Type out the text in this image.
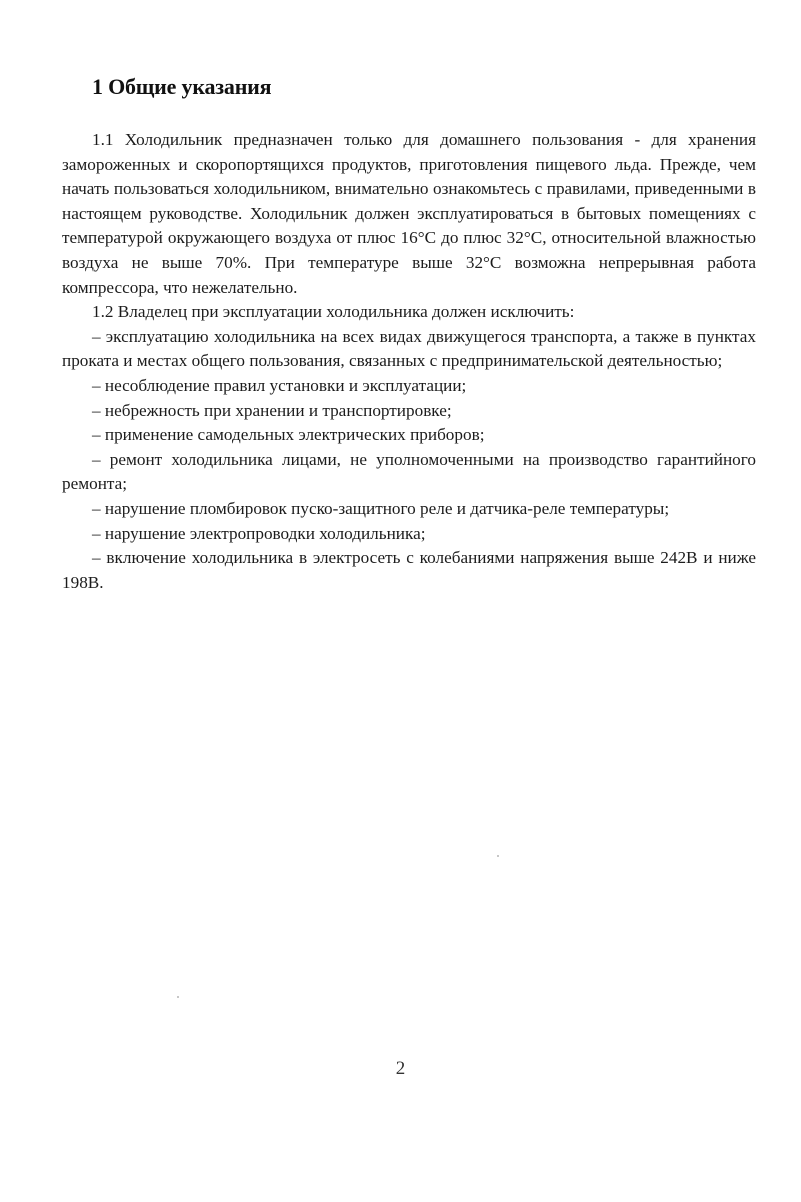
1 Общие указания

1.1 Холодильник предназначен только для домашнего пользования - для хранения замороженных и скоропортящихся продуктов, приготовления пищевого льда. Прежде, чем начать пользоваться холодильником, внимательно ознакомьтесь с правилами, приведенными в настоящем руководстве. Холодильник должен эксплуатироваться в бытовых помещениях с температурой окружающего воздуха от плюс 16°С до плюс 32°С, относительной влажностью воздуха не выше 70%. При температуре выше 32°С возможна непрерывная работа компрессора, что нежелательно.

1.2 Владелец при эксплуатации холодильника должен исключить:

– эксплуатацию холодильника на всех видах движущегося транспорта, а также в пунктах проката и местах общего пользования, связанных с предпринимательской деятельностью;

– несоблюдение правил установки и эксплуатации;

– небрежность при хранении и транспортировке;

– применение самодельных электрических приборов;

– ремонт холодильника лицами, не уполномоченными на производство гарантийного ремонта;

– нарушение пломбировок пуско-защитного реле и датчика-реле температуры;

– нарушение электропроводки холодильника;

– включение холодильника в электросеть с колебаниями напряжения выше 242В и ниже 198В.

2
